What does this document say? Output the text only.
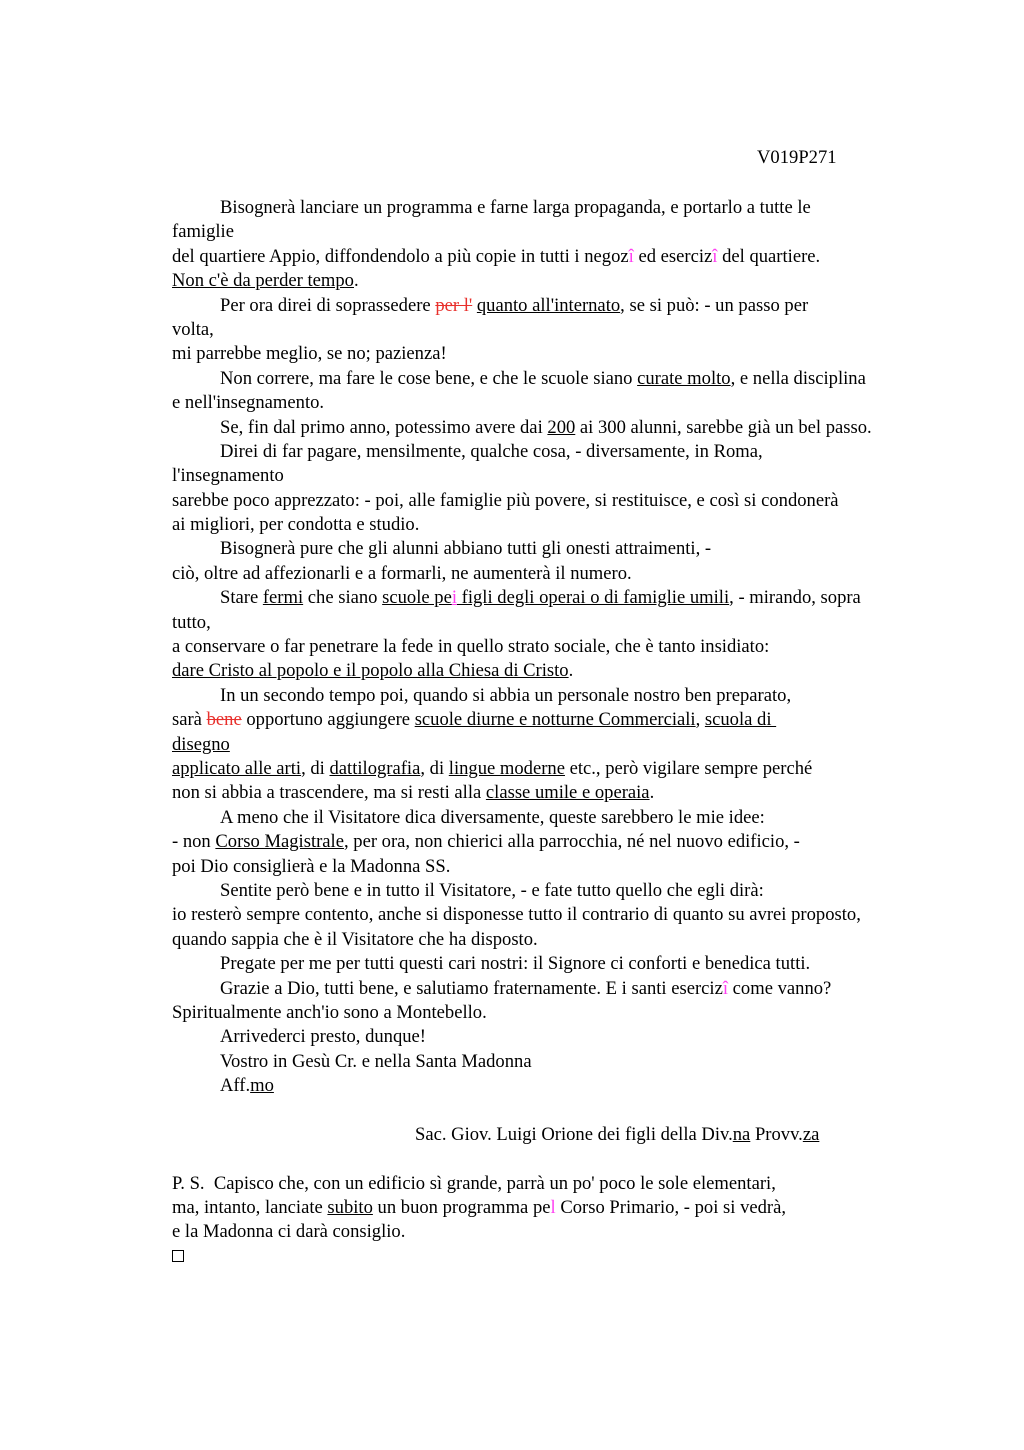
V019P271
Bisognerà lanciare un programma e farne larga propaganda, e portarlo a tutte le
famiglie
del quartiere Appio, diffondendolo a più copie in tutti i negozî ed esercizî del quartiere.
Non c'è da perder tempo.
Per ora direi di soprassedere per l' quanto all'internato, se si può: - un passo per
volta,
mi parrebbe meglio, se no; pazienza!
Non correre, ma fare le cose bene, e che le scuole siano curate molto, e nella disciplina
e nell'insegnamento.
Se, fin dal primo anno, potessimo avere dai 200 ai 300 alunni, sarebbe già un bel passo.
Direi di far pagare, mensilmente, qualche cosa, - diversamente, in Roma,
l'insegnamento
sarebbe poco apprezzato: - poi, alle famiglie più povere, si restituisce, e così si condonerà
ai migliori, per condotta e studio.
Bisognerà pure che gli alunni abbiano tutti gli onesti attraimenti, -
ciò, oltre ad affezionarli e a formarli, ne aumenterà il numero.
Stare fermi che siano scuole pei figli degli operai o di famiglie umili, - mirando, sopra
tutto,
a conservare o far penetrare la fede in quello strato sociale, che è tanto insidiato:
dare Cristo al popolo e il popolo alla Chiesa di Cristo.
In un secondo tempo poi, quando si abbia un personale nostro ben preparato,
sarà bene opportuno aggiungere scuole diurne e notturne Commerciali, scuola di
disegno
applicato alle arti, di dattilografia, di lingue moderne etc., però vigilare sempre perché
non si abbia a trascendere, ma si resti alla classe umile e operaia.
A meno che il Visitatore dica diversamente, queste sarebbero le mie idee:
- non Corso Magistrale, per ora, non chierici alla parrocchia, né nel nuovo edificio, -
poi Dio consiglierà e la Madonna SS.
Sentite però bene e in tutto il Visitatore, - e fate tutto quello che egli dirà:
io resterò sempre contento, anche si disponesse tutto il contrario di quanto su avrei proposto,
quando sappia che è il Visitatore che ha disposto.
Pregate per me per tutti questi cari nostri: il Signore ci conforti e benedica tutti.
Grazie a Dio, tutti bene, e salutiamo fraternamente. E i santi esercizî come vanno?
Spiritualmente anch'io sono a Montebello.
Arrivederci presto, dunque!
Vostro in Gesù Cr. e nella Santa Madonna
Aff.mo
Sac. Giov. Luigi Orione dei figli della Div.na Provv.za
P. S.  Capisco che, con un edificio sì grande, parrà un po' poco le sole elementari,
ma, intanto, lanciate subito un buon programma pel Corso Primario, - poi si vedrà,
e la Madonna ci darà consiglio.
